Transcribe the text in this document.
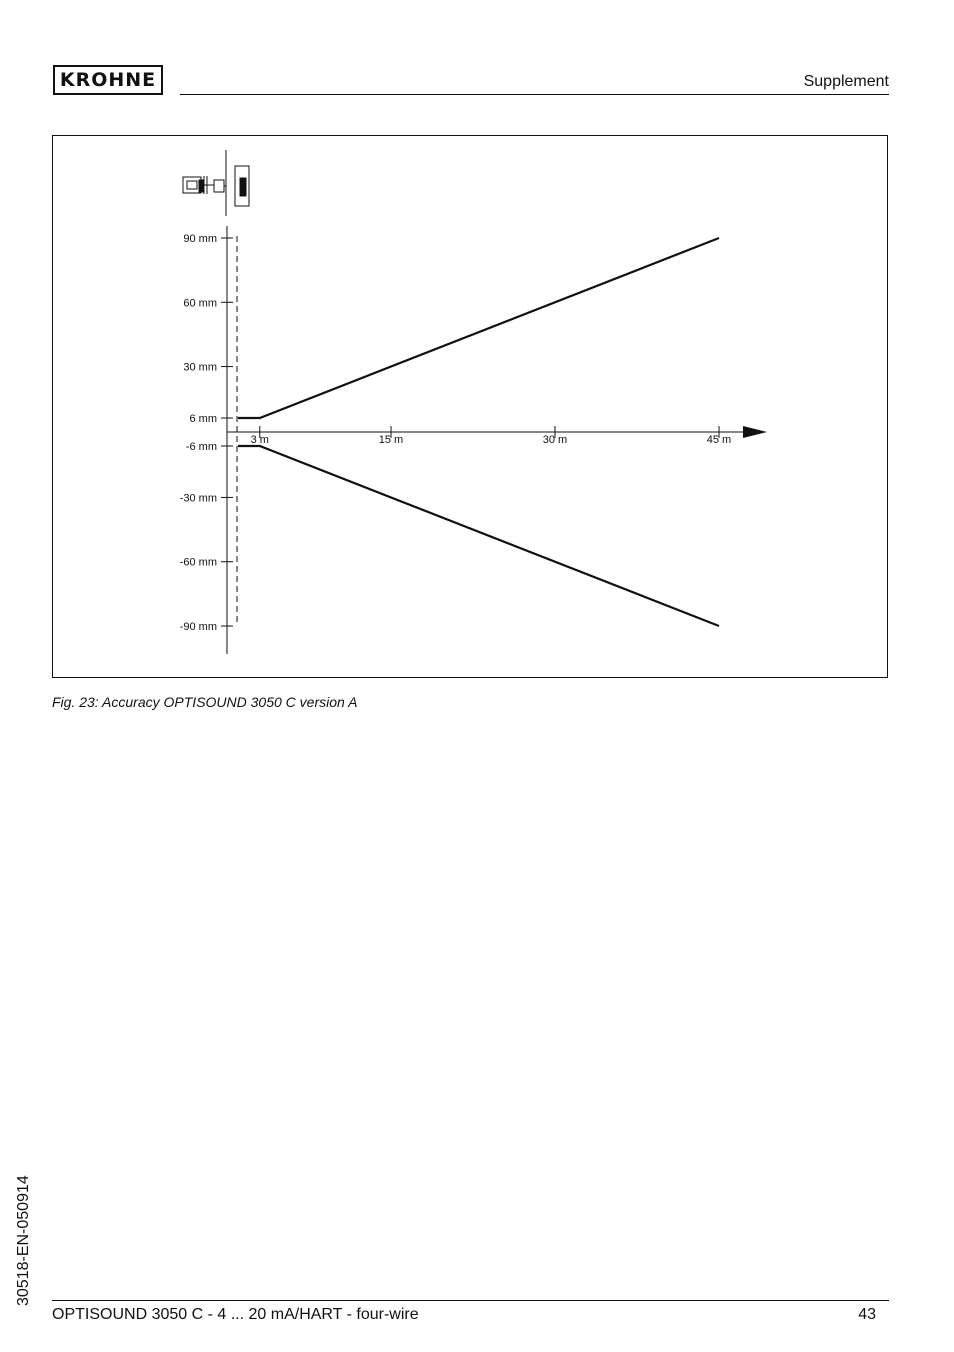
KROHNE	Supplement
90 mm
60 mm
30 mm
6 mm
-6 mm
-30 mm
-60 mm
-90 mm
3 m	15 m	30 m	45 m
Fig. 23: Accuracy OPTISOUND 3050 C version A
30518-EN-050914
OPTISOUND 3050 C - 4 ... 20 mA/HART - four-wire	43
